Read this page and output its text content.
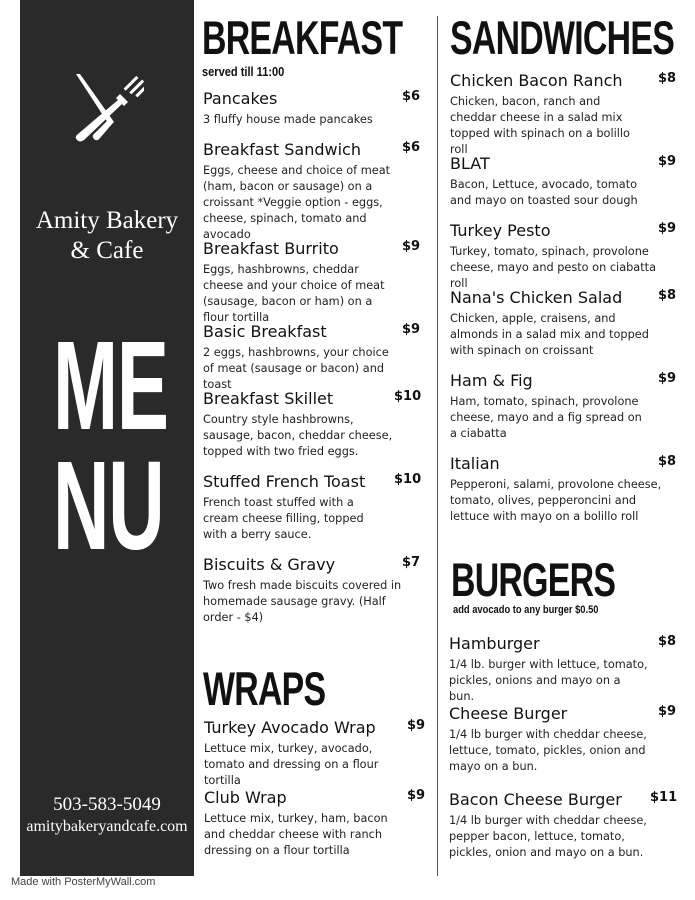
Amity Bakery
& Cafe
ME
NU
503-583-5049
amitybakeryandcafe.com
BREAKFAST
served till 11:00
Pancakes	$6
3 fluffy house made pancakes
Breakfast Sandwich	$6
Eggs, cheese and choice of meat (ham, bacon or sausage) on a croissant *Veggie option - eggs, cheese, spinach, tomato and avocado
Breakfast Burrito	$9
Eggs, hashbrowns, cheddar cheese and your choice of meat (sausage, bacon or ham) on a flour tortilla
Basic Breakfast	$9
2 eggs, hashbrowns, your choice of meat (sausage or bacon) and toast
Breakfast Skillet	$10
Country style hashbrowns, sausage, bacon, cheddar cheese, topped with two fried eggs.
Stuffed French Toast	$10
French toast stuffed with a cream cheese filling, topped with a berry sauce.
Biscuits & Gravy	$7
Two fresh made biscuits covered in homemade sausage gravy. (Half order - $4)
WRAPS
Turkey Avocado Wrap	$9
Lettuce mix, turkey, avocado, tomato and dressing on a flour tortilla
Club Wrap	$9
Lettuce mix, turkey, ham, bacon and cheddar cheese with ranch dressing on a flour tortilla
SANDWICHES
Chicken Bacon Ranch	$8
Chicken, bacon, ranch and cheddar cheese in a salad mix topped with spinach on a bolillo roll
BLAT	$9
Bacon, Lettuce, avocado, tomato and mayo on toasted sour dough
Turkey Pesto	$9
Turkey, tomato, spinach, provolone cheese, mayo and pesto on ciabatta roll
Nana's Chicken Salad	$8
Chicken, apple, craisens, and almonds in a salad mix and topped with spinach on croissant
Ham & Fig	$9
Ham, tomato, spinach, provolone cheese, mayo and a fig spread on a ciabatta
Italian	$8
Pepperoni, salami, provolone cheese, tomato, olives, pepperoncini and lettuce with mayo on a bolillo roll
BURGERS
add avocado to any burger $0.50
Hamburger	$8
1/4 lb. burger with lettuce, tomato, pickles, onions and mayo on a bun.
Cheese Burger	$9
1/4 lb burger with cheddar cheese, lettuce, tomato, pickles, onion and mayo on a bun.
Bacon Cheese Burger	$11
1/4 lb burger with cheddar cheese, pepper bacon, lettuce, tomato, pickles, onion and mayo on a bun.
Made with PosterMyWall.com
